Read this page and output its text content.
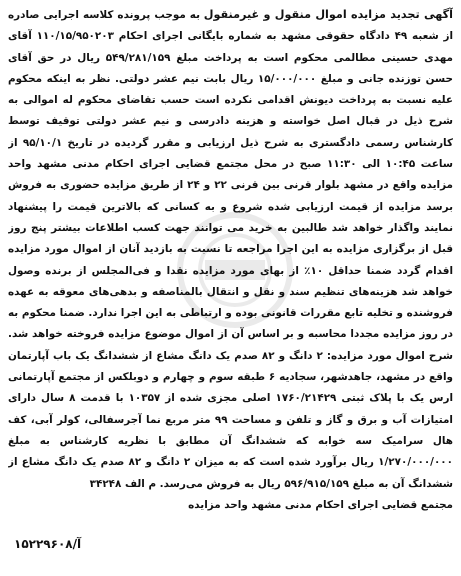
آگهی تجدید مزایده اموال منقول و غیرمنقول به موجب پرونده کلاسه اجرایی صادره از شعبه ۴۹ دادگاه حقوقی مشهد به شماره بایگانی اجرای احکام ۱۱۰/۱۵/۹۵۰۲۰۳ آقای مهدی حسینی مطالمی محکوم است به پرداخت مبلغ ۵۴۹/۲۸۱/۱۵۹ ریال در حق آقای حسن توزنده جانی و مبلغ ۱۵/۰۰۰/۰۰۰ ریال بابت نیم عشر دولتی. نظر به اینکه محکوم علیه نسبت به پرداخت دیونش اقدامی نکرده است حسب تقاضای محکوم له اموالی به شرح ذیل در قبال اصل خواسته و هزینه دادرسی و نیم عشر دولتی توقیف توسط کارشناس رسمی دادگستری به شرح ذیل ارزیابی و مقرر گردیده در تاریخ ۹۵/۱۰/۱ از ساعت ۱۰:۴۵ الی ۱۱:۳۰ صبح در محل مجتمع قضایی اجرای احکام مدنی مشهد واحد مزایده واقع در مشهد بلوار قرنی بین قرنی ۲۲ و ۲۴ از طریق مزایده حضوری به فروش برسد مزایده از قیمت ارزیابی شده شروع و به کسانی که بالاترین قیمت را پیشنهاد نمایند واگذار خواهد شد طالبین به خرید می توانند جهت کسب اطلاعات بیشتر پنج روز قبل از برگزاری مزایده به این اجرا مراجعه تا نسبت به بازدید آنان از اموال مورد مزایده اقدام گردد ضمنا حداقل ۱۰٪ از بهای مورد مزایده نقدا و فی‌المجلس از برنده وصول خواهد شد هزینه‌های تنظیم سند و نقل و انتقال بالمناصفه و بدهی‌های معوقه به عهده فروشنده و تخلیه تابع مقررات قانونی بوده و ارتباطی به این اجرا ندارد. ضمنا محکوم به در روز مزایده مجددا محاسبه و بر اساس آن از اموال موضوع مزایده فروخته خواهد شد. شرح اموال مورد مزایده: ۲ دانگ و ۸۲ صدم یک دانگ مشاع از ششدانگ یک باب آپارتمان واقع در مشهد، جاهدشهر، سجادیه ۶ طبقه سوم و چهارم و دوبلکس از مجتمع آپارتمانی ارس یک با پلاک ثبتی ۱۷۶۰/۲۱۴۲۹ اصلی مجزی شده از ۱۰۳۵۷ با قدمت ۸ سال دارای امتیازات آب و برق و گاز و تلفن و مساحت ۹۹ متر مربع نما آجرسفالی، کولر آبی، کف هال سرامیک سه خوابه که ششدانگ آن مطابق با نظریه کارشناس به مبلغ ۱/۲۷۰/۰۰۰/۰۰۰ ریال برآورد شده است که به میزان ۲ دانگ و ۸۲ صدم یک دانگ مشاع از ششدانگ آن به مبلغ ۵۹۶/۹۱۵/۱۵۹ ریال به فروش می‌رسد. م الف ۳۴۲۴۸
مجتمع قضایی اجرای احکام مدنی مشهد واحد مزایده
۱۵۲۲۹۶۰۸/آ
